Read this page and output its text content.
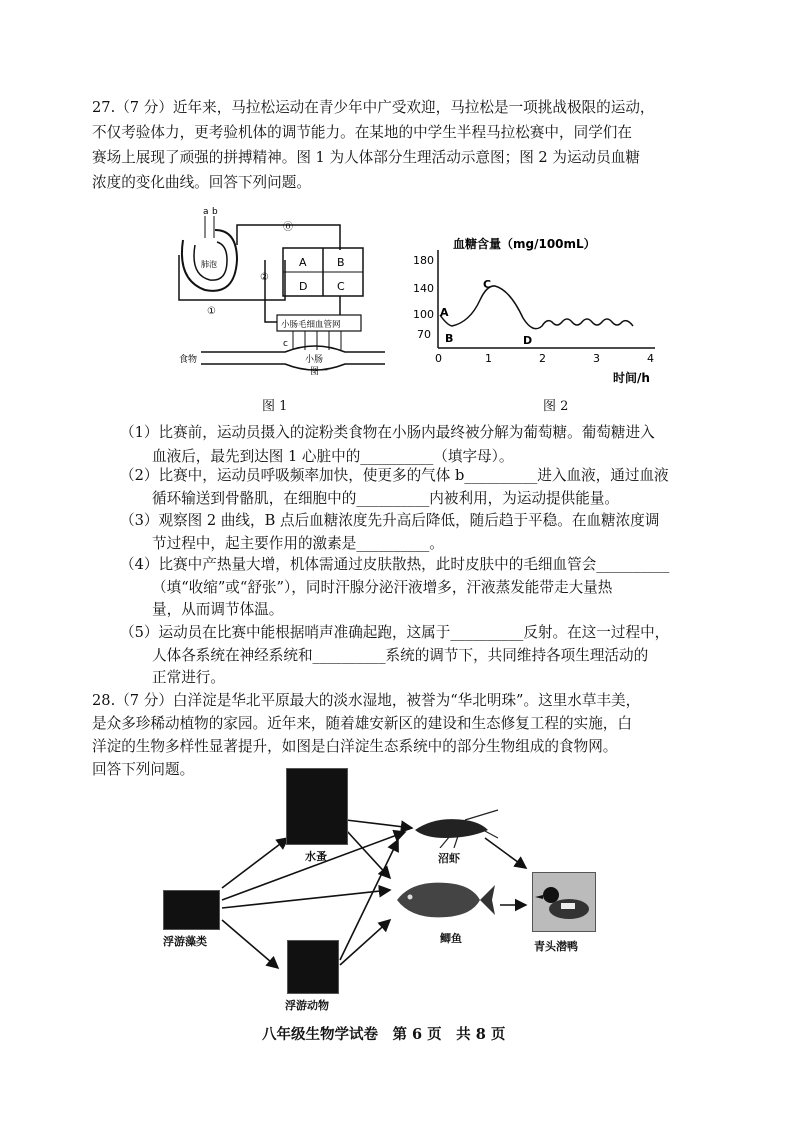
27.（7 分）近年来，马拉松运动在青少年中广受欢迎，马拉松是一项挑战极限的运动，
不仅考验体力，更考验机体的调节能力。在某地的中学生半程马拉松赛中，同学们在
赛场上展现了顽强的拼搏精神。图 1 为人体部分生理活动示意图；图 2 为运动员血糖
浓度的变化曲线。回答下列问题。
肺泡
a b
⓪
①
②
A	B
D	C
小肠毛细血管网
c
食物	小肠
图一
血糖含量（mg/100mL）
180
140
100
70
0	1	2	3	4
A
B
C
D
时间/h
图 1	图 2
（1）比赛前，运动员摄入的淀粉类食物在小肠内最终被分解为葡萄糖。葡萄糖进入
血液后，最先到达图 1 心脏中的__________（填字母）。
（2）比赛中，运动员呼吸频率加快，使更多的气体 b__________进入血液，通过血液
循环输送到骨骼肌，在细胞中的__________内被利用，为运动提供能量。
（3）观察图 2 曲线，B 点后血糖浓度先升高后降低，随后趋于平稳。在血糖浓度调
节过程中，起主要作用的激素是__________。
（4）比赛中产热量大增，机体需通过皮肤散热，此时皮肤中的毛细血管会__________
（填“收缩”或“舒张”），同时汗腺分泌汗液增多，汗液蒸发能带走大量热
量，从而调节体温。
（5）运动员在比赛中能根据哨声准确起跑，这属于__________反射。在这一过程中，
人体各系统在神经系统和__________系统的调节下，共同维持各项生理活动的
正常进行。
28.（7 分）白洋淀是华北平原最大的淡水湿地，被誉为“华北明珠”。这里水草丰美，
是众多珍稀动植物的家园。近年来，随着雄安新区的建设和生态修复工程的实施，白
洋淀的生物多样性显著提升，如图是白洋淀生态系统中的部分生物组成的食物网。
回答下列问题。
浮游藻类
水蚤
浮游动物
沼虾
鲫鱼
青头潜鸭
八年级生物学试卷　第 6 页　共 8 页
